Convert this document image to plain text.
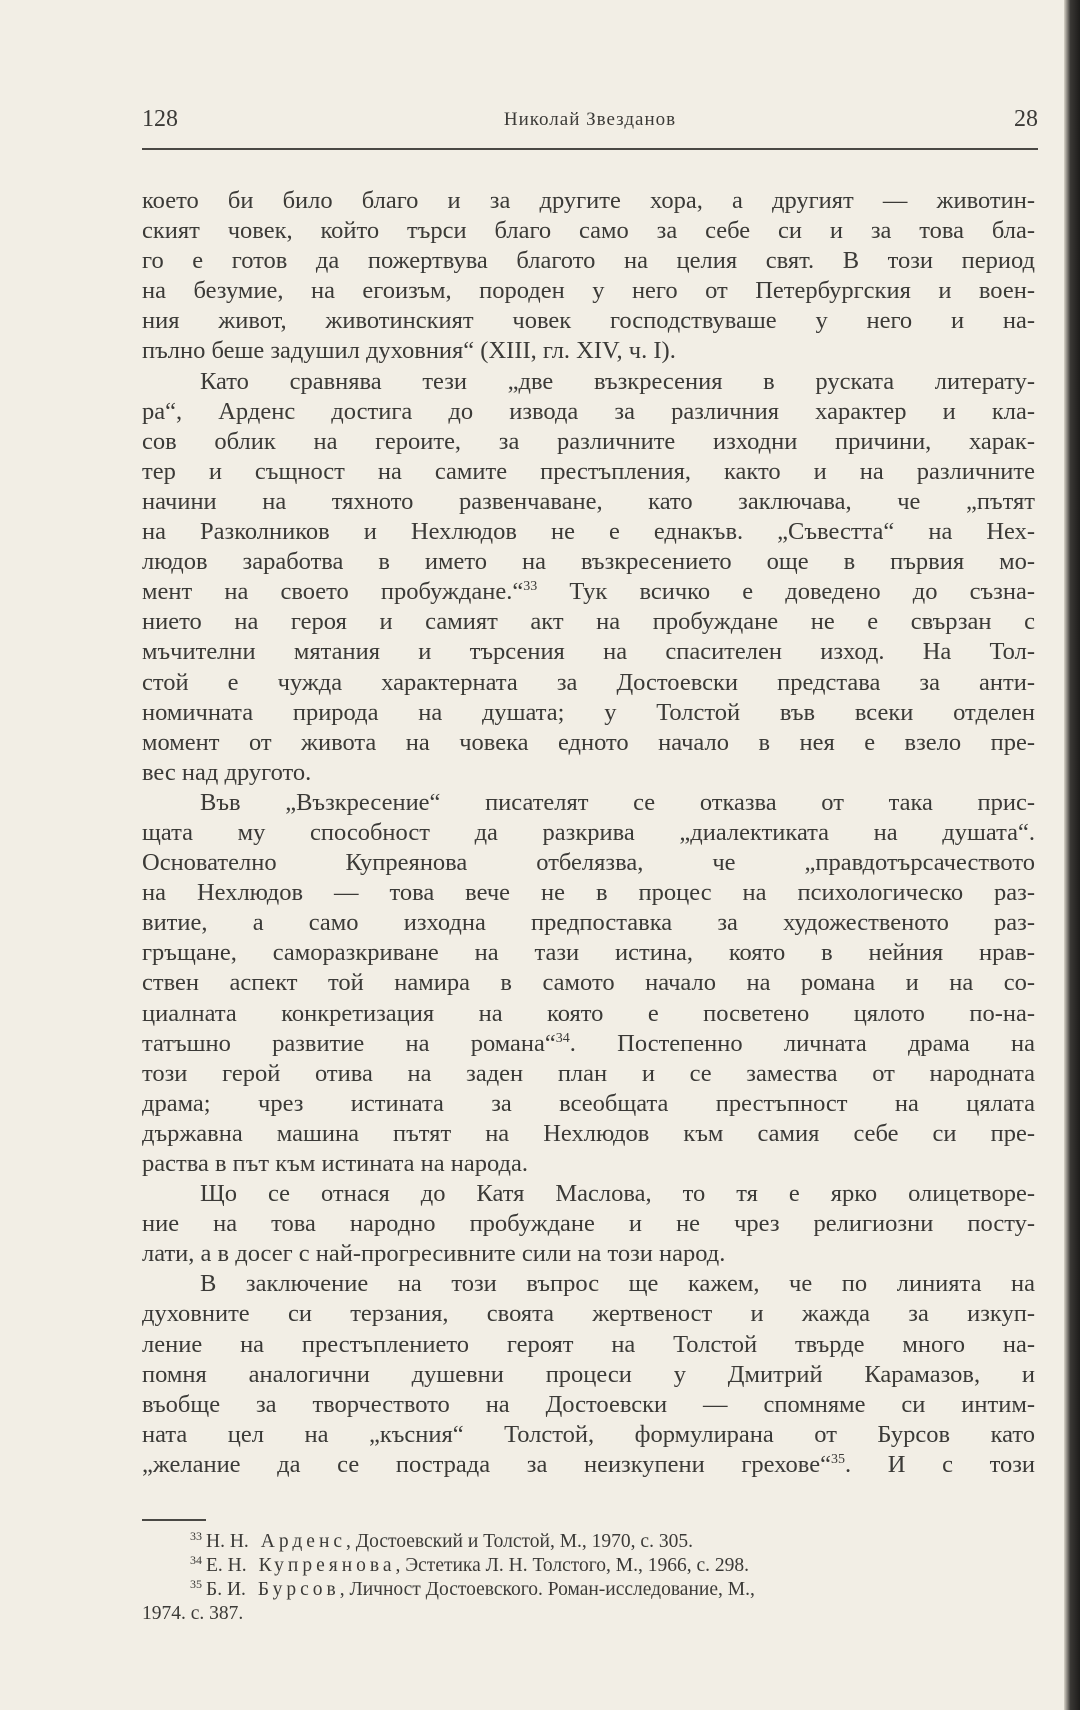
128	Николай Звезданов	28
което би било благо и за другите хора, а другият — животин-
ският човек, който търси благо само за себе си и за това бла-
го е готов да пожертвува благото на целия свят. В този период
на безумие, на егоизъм, породен у него от Петербургския и воен-
ния живот, животинският човек господствуваше у него и на-
пълно беше задушил духовния“ (XIII, гл. XIV, ч. I).
Като сравнява тези „две възкресения в руската литерату-
ра“, Арденс достига до извода за различния характер и кла-
сов облик на героите, за различните изходни причини, харак-
тер и същност на самите престъпления, както и на различните
начини на тяхното развенчаване, като заключава, че „пътят
на Разколников и Нехлюдов не е еднакъв. „Съвестта“ на Нех-
людов заработва в името на възкресението още в първия мо-
мент на своето пробуждане.“$^{33}$ Тук всичко е доведено до съзна-
нието на героя и самият акт на пробуждане не е свързан с
мъчителни мятания и търсения на спасителен изход. На Тол-
стой е чужда характерната за Достоевски представа за анти-
номичната природа на душата; у Толстой във всеки отделен
момент от живота на човека едното начало в нея е взело пре-
вес над другото.
Във „Възкресение“ писателят се отказва от така прис-
щата му способност да разкрива „диалектиката на душата“.
Основателно Купреянова отбелязва, че „правдотърсачеството
на Нехлюдов — това вече не в процес на психологическо раз-
витие, а само изходна предпоставка за художественото раз-
гръщане, саморазкриване на тази истина, която в нейния нрав-
ствен аспект той намира в самото начало на романа и на со-
циалната конкретизация на която е посветено цялото по-на-
татъшно развитие на романа“$^{34}$. Постепенно личната драма на
този герой отива на заден план и се замества от народната
драма; чрез истината за всеобщата престъпност на цялата
държавна машина пътят на Нехлюдов към самия себе си пре-
раства в път към истината на народа.
Що се отнася до Катя Маслова, то тя е ярко олицетворе-
ние на това народно пробуждане и не чрез религиозни посту-
лати, а в досег с най-прогресивните сили на този народ.
В заключение на този въпрос ще кажем, че по линията на
духовните си терзания, своята жертвеност и жажда за изкуп-
ление на престъплението героят на Толстой твърде много на-
помня аналогични душевни процеси у Дмитрий Карамазов, и
въобще за творчеството на Достоевски — спомняме си интим-
ната цел на „късния“ Толстой, формулирана от Бурсов като
„желание да се пострада за неизкупени грехове“$^{35}$. И с този
$^{33}$ Н. Н. Арденс, Достоевский и Толстой, М., 1970, с. 305.
$^{34}$ Е. Н. Купреянова, Эстетика Л. Н. Толстого, М., 1966, с. 298.
$^{35}$ Б. И. Бурсов, Личност Достоевского. Роман-исследование, М.,
1974. с. 387.
